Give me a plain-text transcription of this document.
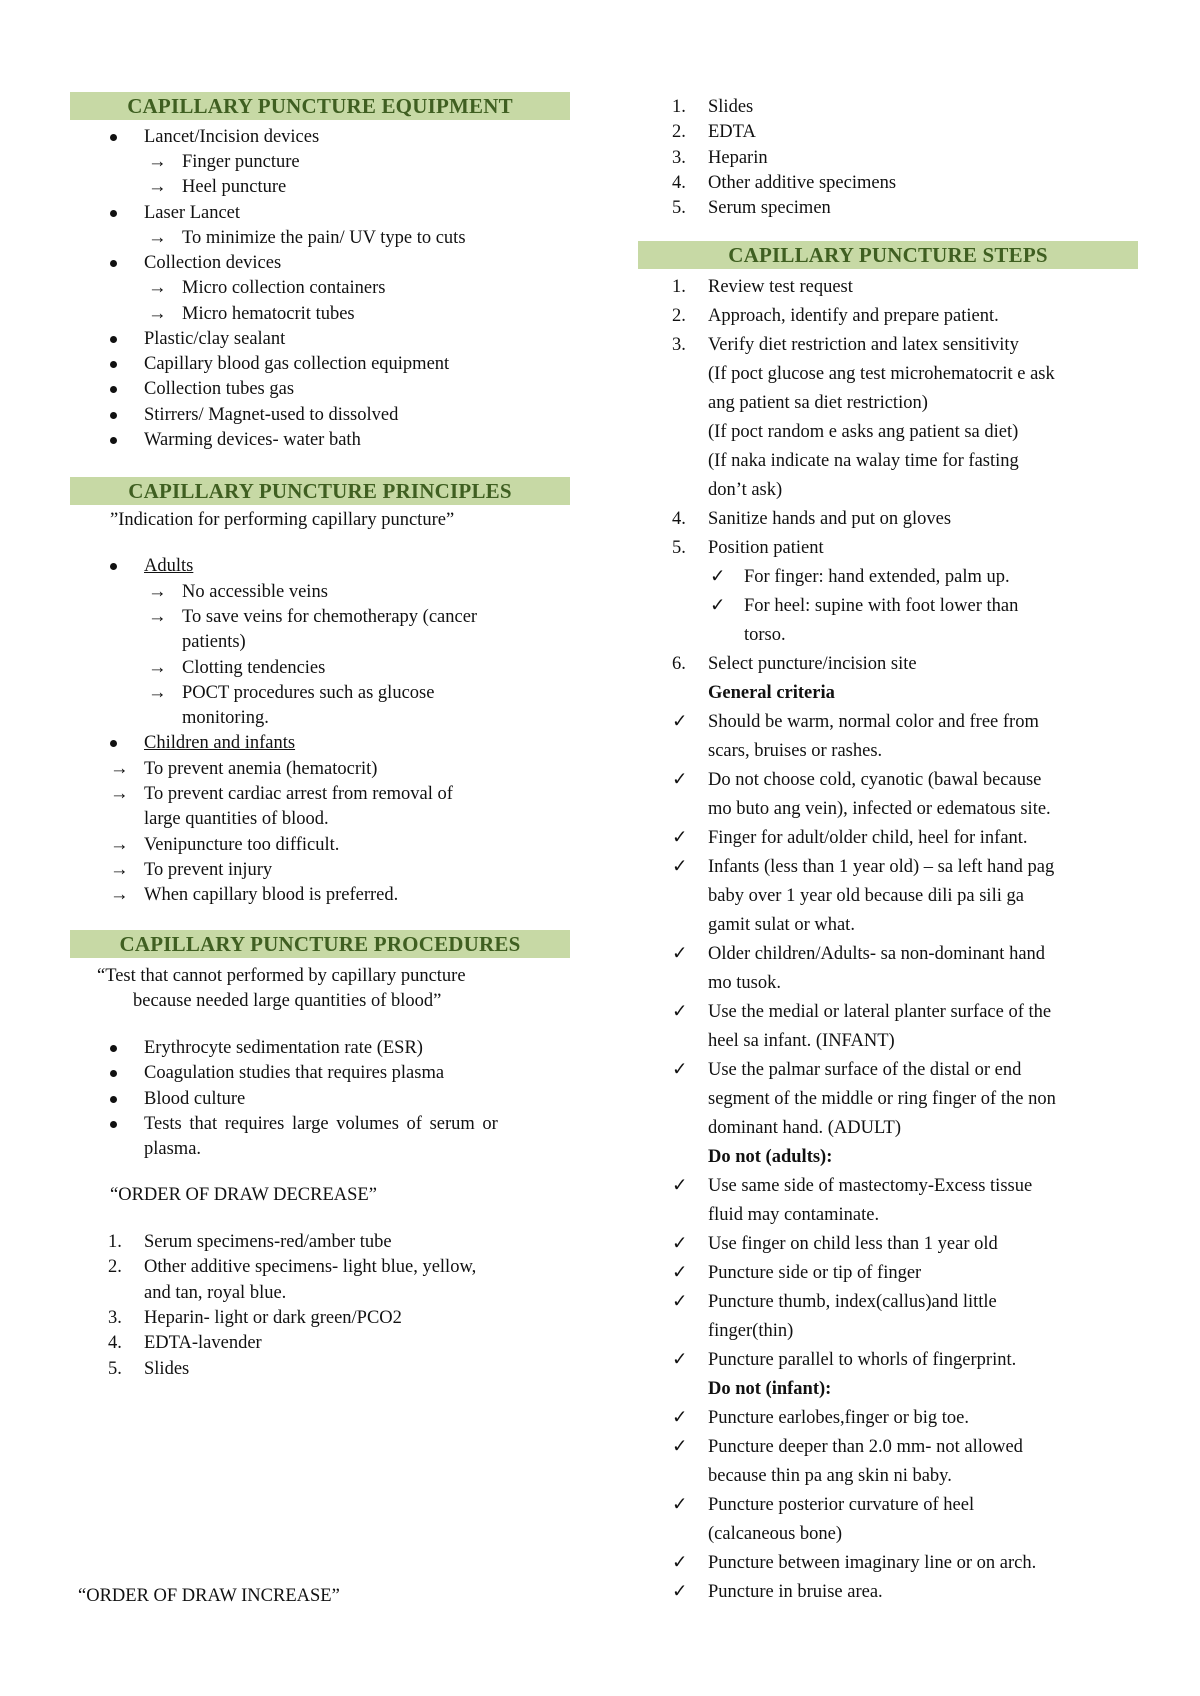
CAPILLARY PUNCTURE EQUIPMENT
Lancet/Incision devices
→ Finger puncture
→ Heel puncture
Laser Lancet
→ To minimize the pain/ UV type to cuts
Collection devices
→ Micro collection containers
→ Micro hematocrit tubes
Plastic/clay sealant
Capillary blood gas collection equipment
Collection tubes gas
Stirrers/ Magnet-used to dissolved
Warming devices- water bath
CAPILLARY PUNCTURE PRINCIPLES
”Indication for performing capillary puncture”
Adults
→ No accessible veins
→ To save veins for chemotherapy (cancer
patients)
→ Clotting tendencies
→ POCT procedures such as glucose
monitoring.
Children and infants
→ To prevent anemia (hematocrit)
→ To prevent cardiac arrest from removal of
large quantities of blood.
→ Venipuncture too difficult.
→ To prevent injury
→ When capillary blood is preferred.
CAPILLARY PUNCTURE PROCEDURES
“Test that cannot performed by capillary puncture
because needed large quantities of blood”
Erythrocyte sedimentation rate (ESR)
Coagulation studies that requires plasma
Blood culture
Tests that requires large volumes of serum or
plasma.
“ORDER OF DRAW DECREASE”
1. Serum specimens-red/amber tube
2. Other additive specimens- light blue, yellow,
and tan, royal blue.
3. Heparin- light or dark green/PCO2
4. EDTA-lavender
5. Slides
“ORDER OF DRAW INCREASE”
1. Slides
2. EDTA
3. Heparin
4. Other additive specimens
5. Serum specimen
CAPILLARY PUNCTURE STEPS
1. Review test request
2. Approach, identify and prepare patient.
3. Verify diet restriction and latex sensitivity
(If poct glucose ang test microhematocrit e ask
ang patient sa diet restriction)
(If poct random e asks ang patient sa diet)
(If naka indicate na walay time for fasting
don’t ask)
4. Sanitize hands and put on gloves
5. Position patient
✓ For finger: hand extended, palm up.
✓ For heel: supine with foot lower than
torso.
6. Select puncture/incision site
General criteria
✓ Should be warm, normal color and free from
scars, bruises or rashes.
✓ Do not choose cold, cyanotic (bawal because
mo buto ang vein), infected or edematous site.
✓ Finger for adult/older child, heel for infant.
✓ Infants (less than 1 year old) – sa left hand pag
baby over 1 year old because dili pa sili ga
gamit sulat or what.
✓ Older children/Adults- sa non-dominant hand
mo tusok.
✓ Use the medial or lateral planter surface of the
heel sa infant. (INFANT)
✓ Use the palmar surface of the distal or end
segment of the middle or ring finger of the non
dominant hand. (ADULT)
Do not (adults):
✓ Use same side of mastectomy-Excess tissue
fluid may contaminate.
✓ Use finger on child less than 1 year old
✓ Puncture side or tip of finger
✓ Puncture thumb, index(callus)and little
finger(thin)
✓ Puncture parallel to whorls of fingerprint.
Do not (infant):
✓ Puncture earlobes,finger or big toe.
✓ Puncture deeper than 2.0 mm- not allowed
because thin pa ang skin ni baby.
✓ Puncture posterior curvature of heel
(calcaneous bone)
✓ Puncture between imaginary line or on arch.
✓ Puncture in bruise area.
